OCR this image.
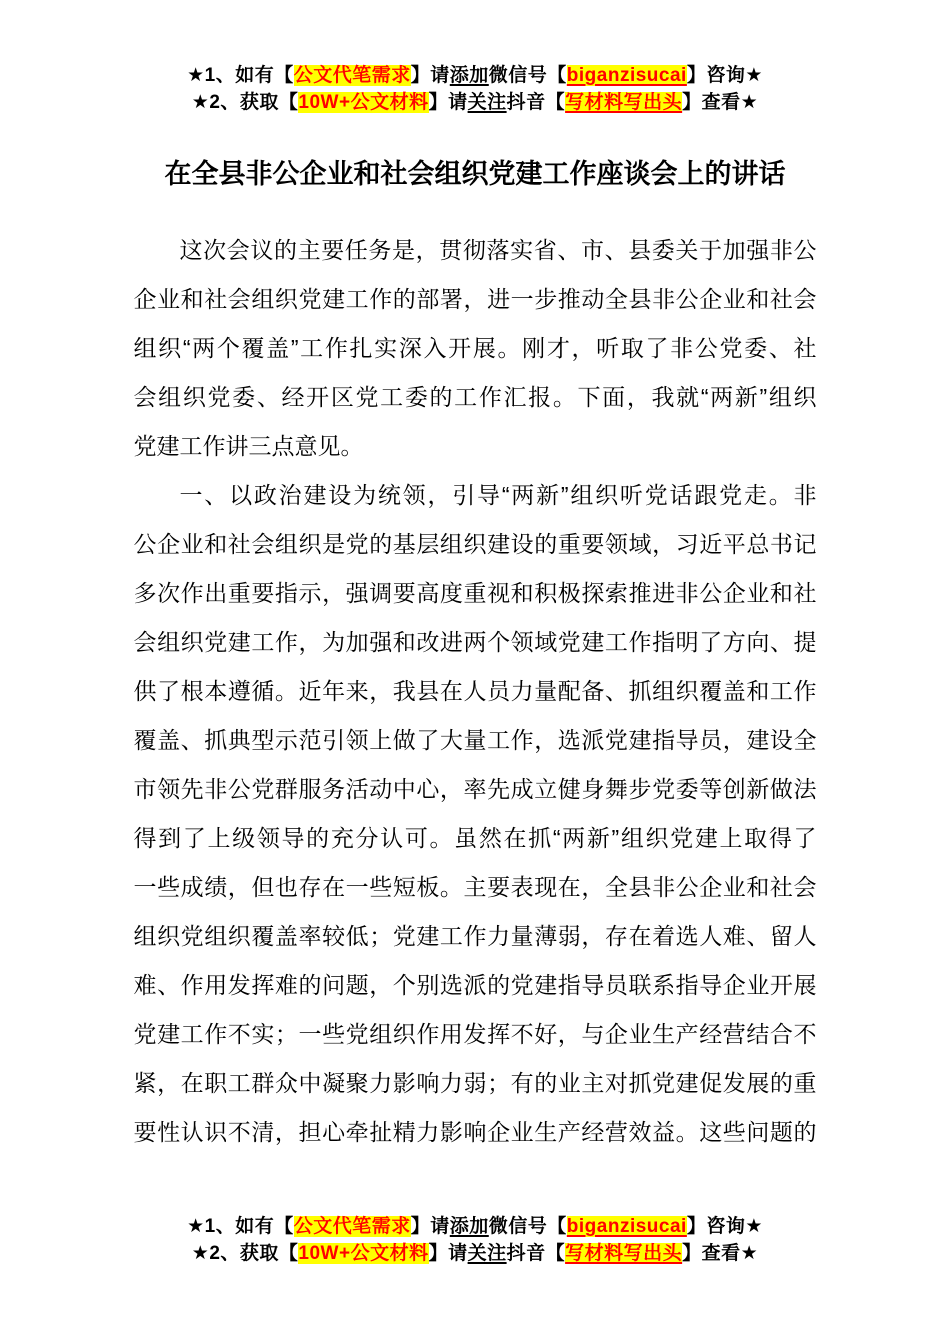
★1、如有【公文代笔需求】请添加微信号【biganzisucai】咨询★
★2、获取【10W+公文材料】请关注抖音【写材料写出头】查看★
在全县非公企业和社会组织党建工作座谈会上的讲话
这次会议的主要任务是，贯彻落实省、市、县委关于加强非公
企业和社会组织党建工作的部署，进一步推动全县非公企业和社会
组织“两个覆盖”工作扎实深入开展。刚才，听取了非公党委、社
会组织党委、经开区党工委的工作汇报。下面，我就“两新”组织
党建工作讲三点意见。
一、以政治建设为统领，引导“两新”组织听党话跟党走。非
公企业和社会组织是党的基层组织建设的重要领域，习近平总书记
多次作出重要指示，强调要高度重视和积极探索推进非公企业和社
会组织党建工作，为加强和改进两个领域党建工作指明了方向、提
供了根本遵循。近年来，我县在人员力量配备、抓组织覆盖和工作
覆盖、抓典型示范引领上做了大量工作，选派党建指导员，建设全
市领先非公党群服务活动中心，率先成立健身舞步党委等创新做法
得到了上级领导的充分认可。虽然在抓“两新”组织党建上取得了
一些成绩，但也存在一些短板。主要表现在，全县非公企业和社会
组织党组织覆盖率较低；党建工作力量薄弱，存在着选人难、留人
难、作用发挥难的问题，个别选派的党建指导员联系指导企业开展
党建工作不实；一些党组织作用发挥不好，与企业生产经营结合不
紧，在职工群众中凝聚力影响力弱；有的业主对抓党建促发展的重
要性认识不清，担心牵扯精力影响企业生产经营效益。这些问题的
★1、如有【公文代笔需求】请添加微信号【biganzisucai】咨询★
★2、获取【10W+公文材料】请关注抖音【写材料写出头】查看★
